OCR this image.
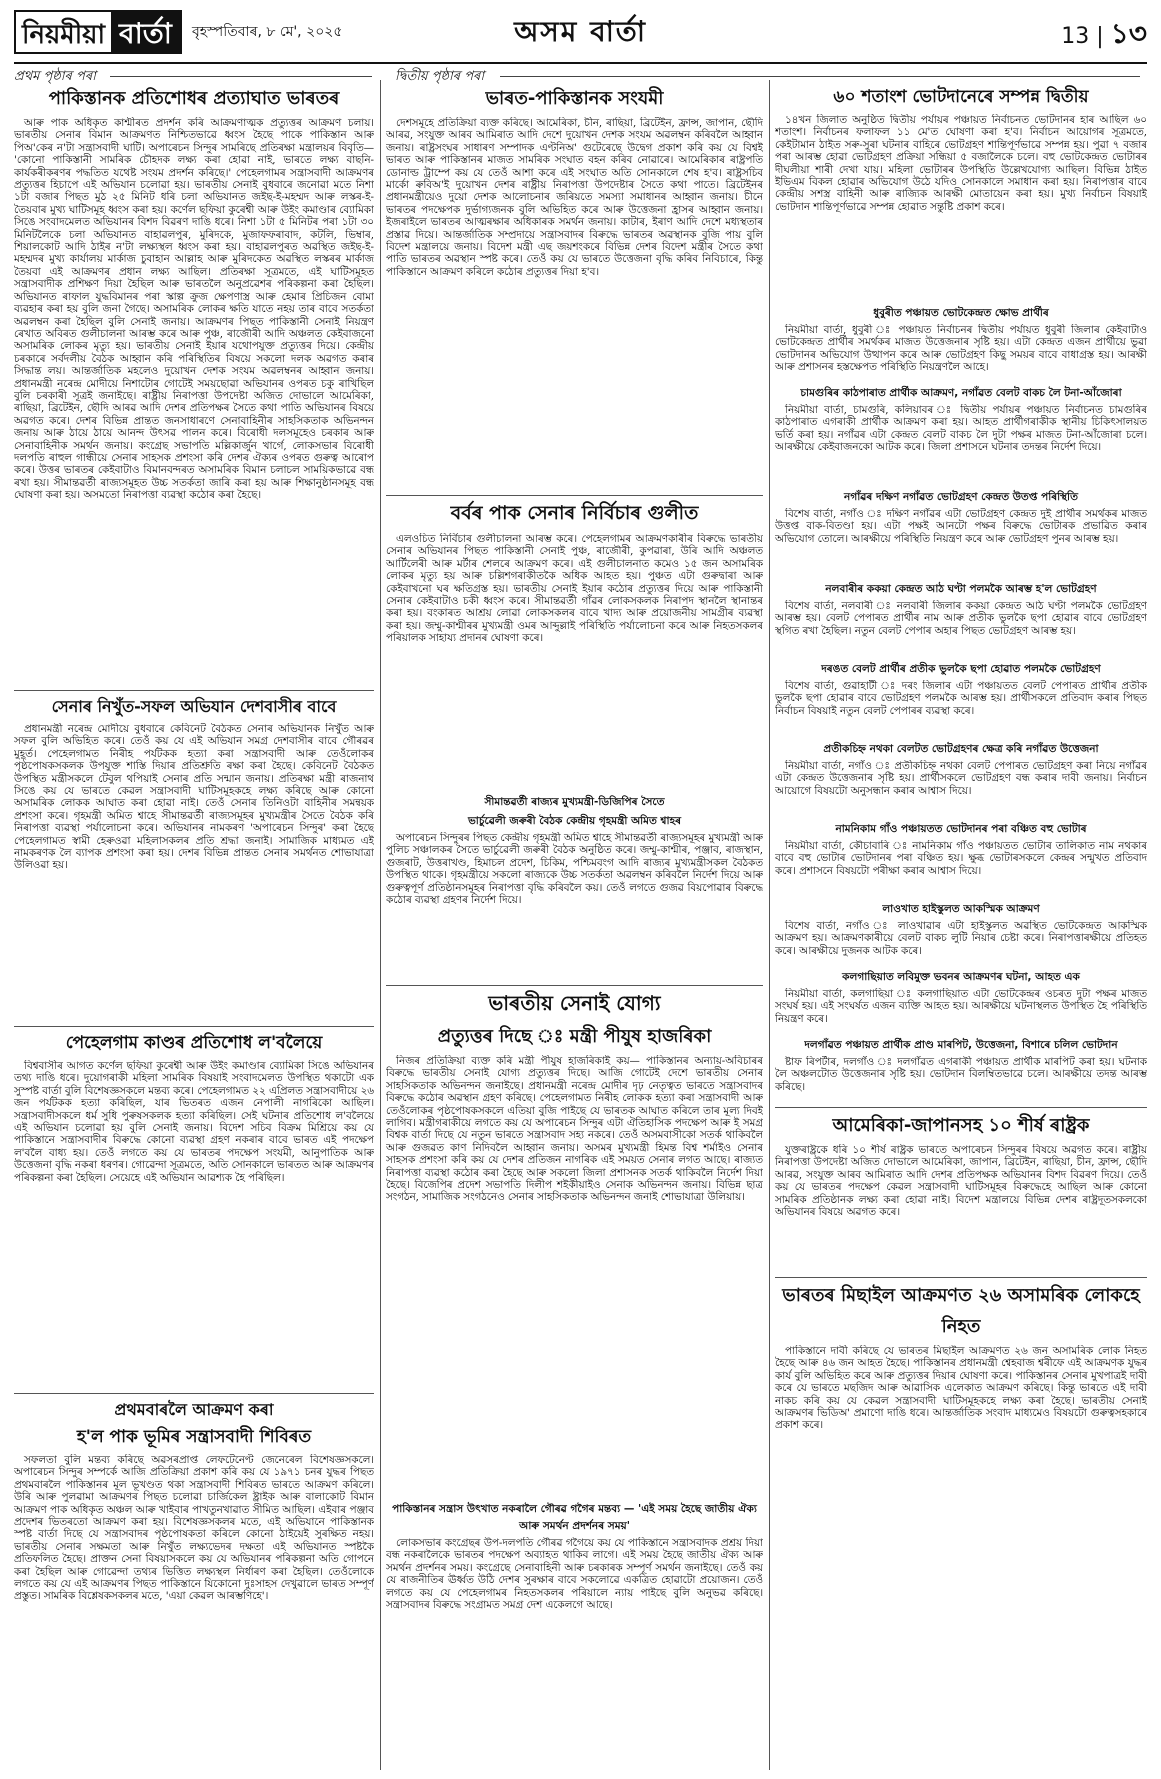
নিয়মীয়া বাৰ্তা	বৃহস্পতিবাৰ, ৮ মে', ২০২৫	অসম বাৰ্তা	13 | ১৩
প্ৰথম পৃষ্ঠাৰ পৰা	দ্বিতীয় পৃষ্ঠাৰ পৰা
পাকিস্তানক প্ৰতিশোধৰ প্ৰত্যাঘাত ভাৰতৰ

আৰু পাক অধিকৃত কাশ্মীৰত প্ৰদৰ্শন কৰি আক্ৰমণাত্মক প্ৰত্যুত্তৰ আক্ৰমণ চলায়। ভাৰতীয় সেনাৰ বিমান আক্ৰমণত নিশ্চিতভাৱে ধ্বংস হৈছে পাকে পাকিস্তান আৰু পিঅ'কেৰ ন'টা সন্ত্ৰাসবাদী ঘাটি। অপাৰেচন সিন্দুৰ সামৰিছে প্ৰতিৰক্ষা মন্ত্ৰালয়ৰ বিবৃতি— 'কোনো পাকিস্তানী সামৰিক চৌহদক লক্ষ্য কৰা হোৱা নাই, ভাৰতে লক্ষ্য বাছনি-কাৰ্যকৰীকৰণৰ পদ্ধতিত যথেষ্ট সংযম প্ৰদৰ্শন কৰিছে।' পেহেলগামৰ সন্ত্ৰাসবাদী আক্ৰমণৰ প্ৰত্যুত্তৰ হিচাপে এই অভিযান চলোৱা হয়। ভাৰতীয় সেনাই বুধবাৰে জনোৱা মতে নিশা ১টা বজাৰ পিছত মুঠ ২৫ মিনিট ধৰি চলা অভিযানত জইছ-ই-মহম্মদ আৰু লস্কৰ-ই-তৈয়বাৰ মুখ্য ঘাটিসমূহ ধ্বংস কৰা হয়। কৰ্ণেল ছফিয়া কুৰেশ্বী আৰু উইং কমাণ্ডাৰ ব্যোমিকা সিঙে সংবাদমেলত অভিযানৰ বিশদ বিৱৰণ দাঙি ধৰে। নিশা ১টা ৫ মিনিটৰ পৰা ১টা ৩০ মিনিটলৈকে চলা অভিযানত বাহাৱলপুৰ, মুৰিদকে, মুজাফফৰাবাদ, কটলি, ভিম্বাৰ, শিয়ালকোট আদি ঠাইৰ ন'টা লক্ষ্যস্থল ধ্বংস কৰা হয়। বাহাৱলপুৰত অৱস্থিত জইছ-ই-মহম্মদৰ মুখ্য কাৰ্যালয় মাৰ্কাজ চুবাহান আল্লাহ আৰু মুৰিদকেত অৱস্থিত লস্কৰৰ মাৰ্কাজ তৈয়বা এই আক্ৰমণৰ প্ৰধান লক্ষ্য আছিল। প্ৰতিৰক্ষা সূত্ৰমতে, এই ঘাটিসমূহত সন্ত্ৰাসবাদীক প্ৰশিক্ষণ দিয়া হৈছিল আৰু ভাৰতলৈ অনুপ্ৰৱেশৰ পৰিকল্পনা কৰা হৈছিল। অভিযানত ৰাফাল যুদ্ধবিমানৰ পৰা স্কাল্প ক্ৰুজ ক্ষেপণাস্ত্ৰ আৰু হেমাৰ প্ৰিচিজন বোমা ব্যৱহাৰ কৰা হয় বুলি জনা গৈছে। অসামৰিক লোকৰ ক্ষতি যাতে নহয় তাৰ বাবে সতৰ্কতা অৱলম্বন কৰা হৈছিল বুলি সেনাই জনায়। আক্ৰমণৰ পিছত পাকিস্তানী সেনাই নিয়ন্ত্ৰণ ৰেখাত অবিৰত গুলীচালনা আৰম্ভ কৰে আৰু পুঞ্চ, ৰাজৌৰী আদি অঞ্চলত কেইবাজনো অসামৰিক লোকৰ মৃত্যু হয়। ভাৰতীয় সেনাই ইয়াৰ যথোপযুক্ত প্ৰত্যুত্তৰ দিয়ে। কেন্দ্ৰীয় চৰকাৰে সৰ্বদলীয় বৈঠক আহ্বান কৰি পৰিস্থিতিৰ বিষয়ে সকলো দলক অৱগত কৰাৰ সিদ্ধান্ত লয়। আন্তৰ্জাতিক মহলেও দুয়োখন দেশক সংযম অৱলম্বনৰ আহ্বান জনায়। প্ৰধানমন্ত্ৰী নৰেন্দ্ৰ মোদীয়ে নিশাটোৰ গোটেই সময়ছোৱা অভিযানৰ ওপৰত চকু ৰাখিছিল বুলি চৰকাৰী সূত্ৰই জনাইছে। ৰাষ্ট্ৰীয় নিৰাপত্তা উপদেষ্টা অজিত দোভালে আমেৰিকা, ৰাছিয়া, ব্ৰিটেইন, ছৌদি আৰৱ আদি দেশৰ প্ৰতিপক্ষৰ সৈতে কথা পাতি অভিযানৰ বিষয়ে অৱগত কৰে। দেশৰ বিভিন্ন প্ৰান্তত জনসাধাৰণে সেনাবাহিনীৰ সাহসিকতাক অভিনন্দন জনায় আৰু ঠায়ে ঠায়ে আনন্দ উৎসৱ পালন কৰে। বিৰোধী দলসমূহেও চৰকাৰ আৰু সেনাবাহিনীক সমৰ্থন জনায়। কংগ্ৰেছ সভাপতি মল্লিকাৰ্জুন খাৰ্গে, লোকসভাৰ বিৰোধী দলপতি ৰাহুল গান্ধীয়ে সেনাৰ সাহসক প্ৰশংসা কৰি দেশৰ ঐক্যৰ ওপৰত গুৰুত্ব আৰোপ কৰে। উত্তৰ ভাৰতৰ কেইবাটাও বিমানবন্দৰত অসামৰিক বিমান চলাচল সাময়িকভাৱে বন্ধ ৰখা হয়। সীমান্তৱৰ্তী ৰাজ্যসমূহত উচ্চ সতৰ্কতা জাৰি কৰা হয় আৰু শিক্ষানুষ্ঠানসমূহ বন্ধ ঘোষণা কৰা হয়। অসমতো নিৰাপত্তা ব্যৱস্থা কঠোৰ কৰা হৈছে।

সেনাৰ নিখুঁত-সফল অভিযান দেশবাসীৰ বাবে

প্ৰধানমন্ত্ৰী নৰেন্দ্ৰ মোদীয়ে বুধবাৰে কেবিনেট বৈঠকত সেনাৰ অভিযানক নিখুঁত আৰু সফল বুলি অভিহিত কৰে। তেওঁ কয় যে এই অভিযান সমগ্ৰ দেশবাসীৰ বাবে গৌৰৱৰ মুহূৰ্ত। পেহেলগামত নিৰীহ পৰ্যটকক হত্যা কৰা সন্ত্ৰাসবাদী আৰু তেওঁলোকৰ পৃষ্ঠপোষকসকলক উপযুক্ত শাস্তি দিয়াৰ প্ৰতিশ্ৰুতি ৰক্ষা কৰা হৈছে। কেবিনেট বৈঠকত উপস্থিত মন্ত্ৰীসকলে টেবুল থপিয়াই সেনাৰ প্ৰতি সন্মান জনায়। প্ৰতিৰক্ষা মন্ত্ৰী ৰাজনাথ সিঙে কয় যে ভাৰতে কেৱল সন্ত্ৰাসবাদী ঘাটিসমূহকহে লক্ষ্য কৰিছে আৰু কোনো অসামৰিক লোকক আঘাত কৰা হোৱা নাই। তেওঁ সেনাৰ তিনিওটা বাহিনীৰ সমন্বয়ক প্ৰশংসা কৰে। গৃহমন্ত্ৰী অমিত শ্বাহে সীমান্তৱৰ্তী ৰাজ্যসমূহৰ মুখ্যমন্ত্ৰীৰ সৈতে বৈঠক কৰি নিৰাপত্তা ব্যৱস্থা পৰ্যালোচনা কৰে। অভিযানৰ নামকৰণ 'অপাৰেচন সিন্দুৰ' কৰা হৈছে পেহেলগামত স্বামী হেৰুওৱা মহিলাসকলৰ প্ৰতি শ্ৰদ্ধা জনাই। সামাজিক মাধ্যমত এই নামকৰণক লৈ ব্যাপক প্ৰশংসা কৰা হয়। দেশৰ বিভিন্ন প্ৰান্তত সেনাৰ সমৰ্থনত শোভাযাত্ৰা উলিওৱা হয়।

পেহেলগাম কাণ্ডৰ প্ৰতিশোধ ল'বলৈয়ে

বিশ্ববাসীৰ আগত কৰ্ণেল ছফিয়া কুৰেশ্বী আৰু উইং কমাণ্ডাৰ ব্যোমিকা সিঙে অভিযানৰ তথ্য দাঙি ধৰে। দুয়োগৰাকী মহিলা সামৰিক বিষয়াই সংবাদমেলত উপস্থিত থকাটো এক সুস্পষ্ট বাৰ্তা বুলি বিশেষজ্ঞসকলে মন্তব্য কৰে। পেহেলগামত ২২ এপ্ৰিলত সন্ত্ৰাসবাদীয়ে ২৬ জন পৰ্যটকক হত্যা কৰিছিল, যাৰ ভিতৰত এজন নেপালী নাগৰিকো আছিল। সন্ত্ৰাসবাদীসকলে ধৰ্ম সুধি পুৰুষসকলক হত্যা কৰিছিল। সেই ঘটনাৰ প্ৰতিশোধ ল'বলৈয়ে এই অভিযান চলোৱা হয় বুলি সেনাই জনায়। বিদেশ সচিব বিক্ৰম মিশ্ৰিয়ে কয় যে পাকিস্তানে সন্ত্ৰাসবাদীৰ বিৰুদ্ধে কোনো ব্যৱস্থা গ্ৰহণ নকৰাৰ বাবে ভাৰত এই পদক্ষেপ ল'বলৈ বাধ্য হয়। তেওঁ লগতে কয় যে ভাৰতৰ পদক্ষেপ সংযমী, আনুপাতিক আৰু উত্তেজনা বৃদ্ধি নকৰা ধৰণৰ। গোৱেন্দা সূত্ৰমতে, অতি সোনকালে ভাৰতত আৰু আক্ৰমণৰ পৰিকল্পনা কৰা হৈছিল। সেয়েহে এই অভিযান আৱশ্যক হৈ পৰিছিল।

প্ৰথমবাৰলৈ আক্ৰমণ কৰা
হ'ল পাক ভূমিৰ সন্ত্ৰাসবাদী শিবিৰত

সফলতা বুলি মন্তব্য কৰিছে অৱসৰপ্ৰাপ্ত লেফটেনেণ্ট জেনেৰেল বিশেষজ্ঞসকলে। অপাৰেচন সিন্দুৰ সম্পৰ্কে আজি প্ৰতিক্ৰিয়া প্ৰকাশ কৰি কয় যে ১৯৭১ চনৰ যুদ্ধৰ পিছত প্ৰথমবাৰলৈ পাকিস্তানৰ মূল ভূখণ্ডত থকা সন্ত্ৰাসবাদী শিবিৰত ভাৰতে আক্ৰমণ কৰিলে। উৰি আৰু পুলৱামা আক্ৰমণৰ পিছত চলোৱা চাৰ্জিকেল ষ্ট্ৰাইক আৰু বালাকোট বিমান আক্ৰমণ পাক অধিকৃত অঞ্চল আৰু খাইবাৰ পাখতুনখাৱাত সীমিত আছিল। এইবাৰ পঞ্জাব প্ৰদেশৰ ভিতৰতো আক্ৰমণ কৰা হয়। বিশেষজ্ঞসকলৰ মতে, এই অভিযানে পাকিস্তানক স্পষ্ট বাৰ্তা দিছে যে সন্ত্ৰাসবাদৰ পৃষ্ঠপোষকতা কৰিলে কোনো ঠাইয়েই সুৰক্ষিত নহয়। ভাৰতীয় সেনাৰ সক্ষমতা আৰু নিখুঁত লক্ষ্যভেদৰ দক্ষতা এই অভিযানত স্পষ্টকৈ প্ৰতিফলিত হৈছে। প্ৰাক্তন সেনা বিষয়াসকলে কয় যে অভিযানৰ পৰিকল্পনা অতি গোপনে কৰা হৈছিল আৰু গোৱেন্দা তথ্যৰ ভিত্তিত লক্ষ্যস্থল নিৰ্ধাৰণ কৰা হৈছিল। তেওঁলোকে লগতে কয় যে এই আক্ৰমণৰ পিছত পাকিস্তানে যিকোনো দুঃসাহস দেখুৱালে ভাৰত সম্পূৰ্ণ প্ৰস্তুত। সামৰিক বিশ্লেষকসকলৰ মতে, 'এয়া কেৱল আৰম্ভণিহে'।

ভাৰত-পাকিস্তানক সংযমী

দেশসমূহে প্ৰতিক্ৰিয়া ব্যক্ত কৰিছে। আমেৰিকা, চীন, ৰাছিয়া, ব্ৰিটেইন, ফ্ৰান্স, জাপান, ছৌদি আৰৱ, সংযুক্ত আৰব আমিৰাত আদি দেশে দুয়োখন দেশক সংযম অৱলম্বন কৰিবলৈ আহ্বান জনায়। ৰাষ্ট্ৰসংঘৰ সাধাৰণ সম্পাদক এণ্টনিঅ' গুটেৰেছে উদ্বেগ প্ৰকাশ কৰি কয় যে বিশ্বই ভাৰত আৰু পাকিস্তানৰ মাজত সামৰিক সংঘাত বহন কৰিব নোৱাৰে। আমেৰিকাৰ ৰাষ্ট্ৰপতি ডোনাল্ড ট্ৰাম্পে কয় যে তেওঁ আশা কৰে এই সংঘাত অতি সোনকালে শেষ হ'ব। ৰাষ্ট্ৰসচিব মাৰ্কো ৰুবিঅ'ই দুয়োখন দেশৰ ৰাষ্ট্ৰীয় নিৰাপত্তা উপদেষ্টাৰ সৈতে কথা পাতে। ব্ৰিটেইনৰ প্ৰধানমন্ত্ৰীয়েও দুয়ো দেশক আলোচনাৰ জৰিয়তে সমস্যা সমাধানৰ আহ্বান জনায়। চীনে ভাৰতৰ পদক্ষেপক দুৰ্ভাগ্যজনক বুলি অভিহিত কৰে আৰু উত্তেজনা হ্ৰাসৰ আহ্বান জনায়। ইজৰাইলে ভাৰতৰ আত্মৰক্ষাৰ অধিকাৰক সমৰ্থন জনায়। কাটাৰ, ইৰাণ আদি দেশে মধ্যস্থতাৰ প্ৰস্তাৱ দিয়ে। আন্তৰ্জাতিক সম্প্ৰদায়ে সন্ত্ৰাসবাদৰ বিৰুদ্ধে ভাৰতৰ অৱস্থানক বুজি পায় বুলি বিদেশ মন্ত্ৰালয়ে জনায়। বিদেশ মন্ত্ৰী এছ জয়শংকৰে বিভিন্ন দেশৰ বিদেশ মন্ত্ৰীৰ সৈতে কথা পাতি ভাৰতৰ অৱস্থান স্পষ্ট কৰে। তেওঁ কয় যে ভাৰতে উত্তেজনা বৃদ্ধি কৰিব নিবিচাৰে, কিন্তু পাকিস্তানে আক্ৰমণ কৰিলে কঠোৰ প্ৰত্যুত্তৰ দিয়া হ'ব।

বৰ্বৰ পাক সেনাৰ নিৰ্বিচাৰ গুলীত

এলওচিত নিৰ্বিচাৰ গুলীচালনা আৰম্ভ কৰে। পেহেলগামৰ আক্ৰমণকাৰীৰ বিৰুদ্ধে ভাৰতীয় সেনাৰ অভিযানৰ পিছত পাকিস্তানী সেনাই পুঞ্চ, ৰাজৌৰী, কুপৱাৰা, উৰি আদি অঞ্চলত আৰ্টিলেৰী আৰু মৰ্টাৰ শেলৰে আক্ৰমণ কৰে। এই গুলীচালনাত কমেও ১৫ জন অসামৰিক লোকৰ মৃত্যু হয় আৰু চল্লিশগৰাকীতকৈ অধিক আহত হয়। পুঞ্চত এটা গুৰুদ্বাৰা আৰু কেইবাখনো ঘৰ ক্ষতিগ্ৰস্ত হয়। ভাৰতীয় সেনাই ইয়াৰ কঠোৰ প্ৰত্যুত্তৰ দিয়ে আৰু পাকিস্তানী সেনাৰ কেইবাটাও চকী ধ্বংস কৰে। সীমান্তৱৰ্তী গাঁৱৰ লোকসকলক নিৰাপদ স্থানলৈ স্থানান্তৰ কৰা হয়। বংকাৰত আশ্ৰয় লোৱা লোকসকলৰ বাবে খাদ্য আৰু প্ৰয়োজনীয় সামগ্ৰীৰ ব্যৱস্থা কৰা হয়। জম্মু-কাশ্মীৰৰ মুখ্যমন্ত্ৰী ওমৰ আব্দুল্লাই পৰিস্থিতি পৰ্যালোচনা কৰে আৰু নিহতসকলৰ পৰিয়ালক সাহায্য প্ৰদানৰ ঘোষণা কৰে।

সীমান্তৱৰ্তী ৰাজ্যৰ মুখ্যমন্ত্ৰী-ডিজিপিৰ সৈতে
ভাৰ্চুৱেলী জৰুৰী বৈঠক কেন্দ্ৰীয় গৃহমন্ত্ৰী অমিত শ্বাহৰ

অপাৰেচন সিন্দুৰৰ পিছত কেন্দ্ৰীয় গৃহমন্ত্ৰী অমিত শ্বাহে সীমান্তৱৰ্তী ৰাজ্যসমূহৰ মুখ্যমন্ত্ৰী আৰু পুলিচ সঞ্চালকৰ সৈতে ভাৰ্চুৱেলী জৰুৰী বৈঠক অনুষ্ঠিত কৰে। জম্মু-কাশ্মীৰ, পঞ্জাব, ৰাজস্থান, গুজৰাট, উত্তৰাখণ্ড, হিমাচল প্ৰদেশ, চিকিম, পশ্চিমবংগ আদি ৰাজ্যৰ মুখ্যমন্ত্ৰীসকল বৈঠকত উপস্থিত থাকে। গৃহমন্ত্ৰীয়ে সকলো ৰাজ্যকে উচ্চ সতৰ্কতা অৱলম্বন কৰিবলৈ নিৰ্দেশ দিয়ে আৰু গুৰুত্বপূৰ্ণ প্ৰতিষ্ঠানসমূহৰ নিৰাপত্তা বৃদ্ধি কৰিবলৈ কয়। তেওঁ লগতে গুজৱ বিয়পোৱাৰ বিৰুদ্ধে কঠোৰ ব্যৱস্থা গ্ৰহণৰ নিৰ্দেশ দিয়ে।

ভাৰতীয় সেনাই যোগ্য
প্ৰত্যুত্তৰ দিছে ঃ মন্ত্ৰী পীযুষ হাজৰিকা

নিজৰ প্ৰতিক্ৰিয়া ব্যক্ত কৰি মন্ত্ৰী পীযুষ হাজৰিকাই কয়— পাকিস্তানৰ অন্যায়-অবিচাৰৰ বিৰুদ্ধে ভাৰতীয় সেনাই যোগ্য প্ৰত্যুত্তৰ দিছে। আজি গোটেই দেশে ভাৰতীয় সেনাৰ সাহসিকতাক অভিনন্দন জনাইছে। প্ৰধানমন্ত্ৰী নৰেন্দ্ৰ মোদীৰ দৃঢ় নেতৃত্বত ভাৰতে সন্ত্ৰাসবাদৰ বিৰুদ্ধে কঠোৰ অৱস্থান গ্ৰহণ কৰিছে। পেহেলগামত নিৰীহ লোকক হত্যা কৰা সন্ত্ৰাসবাদী আৰু তেওঁলোকৰ পৃষ্ঠপোষকসকলে এতিয়া বুজি পাইছে যে ভাৰতক আঘাত কৰিলে তাৰ মূল্য দিবই লাগিব। মন্ত্ৰীগৰাকীয়ে লগতে কয় যে অপাৰেচন সিন্দুৰ এটা ঐতিহাসিক পদক্ষেপ আৰু ই সমগ্ৰ বিশ্বক বাৰ্তা দিছে যে নতুন ভাৰতে সন্ত্ৰাসবাদ সহ্য নকৰে। তেওঁ অসমবাসীকো সতৰ্ক থাকিবলৈ আৰু গুজৱত কাণ নিদিবলৈ আহ্বান জনায়। অসমৰ মুখ্যমন্ত্ৰী হিমন্ত বিশ্ব শৰ্মাইও সেনাৰ সাহসক প্ৰশংসা কৰি কয় যে দেশৰ প্ৰতিজন নাগৰিক এই সময়ত সেনাৰ লগত আছে। ৰাজ্যত নিৰাপত্তা ব্যৱস্থা কঠোৰ কৰা হৈছে আৰু সকলো জিলা প্ৰশাসনক সতৰ্ক থাকিবলৈ নিৰ্দেশ দিয়া হৈছে। বিজেপিৰ প্ৰদেশ সভাপতি দিলীপ শইকীয়াইও সেনাক অভিনন্দন জনায়। বিভিন্ন ছাত্ৰ সংগঠন, সামাজিক সংগঠনেও সেনাৰ সাহসিকতাক অভিনন্দন জনাই শোভাযাত্ৰা উলিয়ায়।

পাকিস্তানৰ সন্ত্ৰাস উৎখাত নকৰালৈ গৌৰৱ গগৈৰ মন্তব্য — 'এই সময় হৈছে জাতীয় ঐক্য আৰু সমৰ্থন প্ৰদৰ্শনৰ সময়'

লোকসভাৰ কংগ্ৰেছৰ উপ-দলপতি গৌৰৱ গগৈয়ে কয় যে পাকিস্তানে সন্ত্ৰাসবাদক প্ৰশ্ৰয় দিয়া বন্ধ নকৰালৈকে ভাৰতৰ পদক্ষেপ অব্যাহত থাকিব লাগে। এই সময় হৈছে জাতীয় ঐক্য আৰু সমৰ্থন প্ৰদৰ্শনৰ সময়। কংগ্ৰেছে সেনাবাহিনী আৰু চৰকাৰক সম্পূৰ্ণ সমৰ্থন জনাইছে। তেওঁ কয় যে ৰাজনীতিৰ ঊৰ্ধ্বত উঠি দেশৰ সুৰক্ষাৰ বাবে সকলোৱে একত্ৰিত হোৱাটো প্ৰয়োজন। তেওঁ লগতে কয় যে পেহেলগামৰ নিহতসকলৰ পৰিয়ালে ন্যায় পাইছে বুলি অনুভৱ কৰিছে। সন্ত্ৰাসবাদৰ বিৰুদ্ধে সংগ্ৰামত সমগ্ৰ দেশ একেলগে আছে।

৬০ শতাংশ ভোটদানেৰে সম্পন্ন দ্বিতীয়

১৪খন জিলাত অনুষ্ঠিত দ্বিতীয় পৰ্যায়ৰ পঞ্চায়ত নিৰ্বাচনত ভোটদানৰ হাৰ আছিল ৬০ শতাংশ। নিৰ্বাচনৰ ফলাফল ১১ মে'ত ঘোষণা কৰা হ'ব। নিৰ্বাচন আয়োগৰ সূত্ৰমতে, কেইটামান ঠাইত সৰু-সুৰা ঘটনাৰ বাহিৰে ভোটগ্ৰহণ শান্তিপূৰ্ণভাৱে সম্পন্ন হয়। পুৱা ৭ বজাৰ পৰা আৰম্ভ হোৱা ভোটগ্ৰহণ প্ৰক্ৰিয়া সন্ধিয়া ৫ বজালৈকে চলে। বহু ভোটকেন্দ্ৰত ভোটাৰৰ দীঘলীয়া শাৰী দেখা যায়। মহিলা ভোটাৰৰ উপস্থিতি উল্লেখযোগ্য আছিল। বিভিন্ন ঠাইত ইভিএম বিকল হোৱাৰ অভিযোগ উঠে যদিও সোনকালে সমাধান কৰা হয়। নিৰাপত্তাৰ বাবে কেন্দ্ৰীয় সশস্ত্ৰ বাহিনী আৰু ৰাজ্যিক আৰক্ষী মোতায়েন কৰা হয়। মুখ্য নিৰ্বাচন বিষয়াই ভোটদান শান্তিপূৰ্ণভাৱে সম্পন্ন হোৱাত সন্তুষ্টি প্ৰকাশ কৰে।

ধুবুৰীত পঞ্চায়ত ভোটকেন্দ্ৰত ক্ষোভ প্ৰাৰ্থীৰ

নিয়মীয়া বাৰ্তা, ধুবুৰী ঃ পঞ্চায়ত নিৰ্বাচনৰ দ্বিতীয় পৰ্যায়ত ধুবুৰী জিলাৰ কেইবাটাও ভোটকেন্দ্ৰত প্ৰাৰ্থীৰ সমৰ্থকৰ মাজত উত্তেজনাৰ সৃষ্টি হয়। এটা কেন্দ্ৰত এজন প্ৰাৰ্থীয়ে ভুৱা ভোটদানৰ অভিযোগ উত্থাপন কৰে আৰু ভোটগ্ৰহণ কিছু সময়ৰ বাবে বাধাগ্ৰস্ত হয়। আৰক্ষী আৰু প্ৰশাসনৰ হস্তক্ষেপত পৰিস্থিতি নিয়ন্ত্ৰণলৈ আহে।

চামগুৰিৰ কাঠপাৰাত প্ৰাৰ্থীক আক্ৰমণ, নগাঁৱত বেলট বাকচ লৈ টনা-আঁজোৰা

নিয়মীয়া বাৰ্তা, চামগুৰি, কলিয়াবৰ ঃ দ্বিতীয় পৰ্যায়ৰ পঞ্চায়ত নিৰ্বাচনত চামগুৰিৰ কাঠপাৰাত এগৰাকী প্ৰাৰ্থীক আক্ৰমণ কৰা হয়। আহত প্ৰাৰ্থীগৰাকীক স্থানীয় চিকিৎসালয়ত ভৰ্তি কৰা হয়। নগাঁৱৰ এটা কেন্দ্ৰত বেলট বাকচ লৈ দুটা পক্ষৰ মাজত টনা-আঁজোৰা চলে। আৰক্ষীয়ে কেইবাজনকো আটক কৰে। জিলা প্ৰশাসনে ঘটনাৰ তদন্তৰ নিৰ্দেশ দিয়ে।

নগাঁৱৰ দক্ষিণ নগাঁৱত ভোটগ্ৰহণ কেন্দ্ৰত উতপ্ত পৰিস্থিতি

বিশেষ বাৰ্তা, নগাঁও ঃ দক্ষিণ নগাঁৱৰ এটা ভোটগ্ৰহণ কেন্দ্ৰত দুই প্ৰাৰ্থীৰ সমৰ্থকৰ মাজত উত্তপ্ত বাক-বিতণ্ডা হয়। এটা পক্ষই আনটো পক্ষৰ বিৰুদ্ধে ভোটাৰক প্ৰভাৱিত কৰাৰ অভিযোগ তোলে। আৰক্ষীয়ে পৰিস্থিতি নিয়ন্ত্ৰণ কৰে আৰু ভোটগ্ৰহণ পুনৰ আৰম্ভ হয়।

নলবাৰীৰ ককয়া কেন্দ্ৰত আঠ ঘণ্টা পলমকৈ আৰম্ভ হ'ল ভোটগ্ৰহণ

বিশেষ বাৰ্তা, নলবাৰী ঃ নলবাৰী জিলাৰ ককয়া কেন্দ্ৰত আঠ ঘণ্টা পলমকৈ ভোটগ্ৰহণ আৰম্ভ হয়। বেলট পেপাৰত প্ৰাৰ্থীৰ নাম আৰু প্ৰতীক ভুলকৈ ছপা হোৱাৰ বাবে ভোটগ্ৰহণ স্থগিত ৰখা হৈছিল। নতুন বেলট পেপাৰ অহাৰ পিছত ভোটগ্ৰহণ আৰম্ভ হয়।

দৰঙত বেলট প্ৰাৰ্থীৰ প্ৰতীক ভুলকৈ ছপা হোৱাত পলমকৈ ভোটগ্ৰহণ

বিশেষ বাৰ্তা, গুৱাহাটী ঃ দৰং জিলাৰ এটা পঞ্চায়তত বেলট পেপাৰত প্ৰাৰ্থীৰ প্ৰতীক ভুলকৈ ছপা হোৱাৰ বাবে ভোটগ্ৰহণ পলমকৈ আৰম্ভ হয়। প্ৰাৰ্থীসকলে প্ৰতিবাদ কৰাৰ পিছত নিৰ্বাচন বিষয়াই নতুন বেলট পেপাৰৰ ব্যৱস্থা কৰে।

প্ৰতীকচিহ্ন নথকা বেলটত ভোটগ্ৰহণৰ ক্ষেত্ৰ কৰি নগাঁৱত উত্তেজনা

নিয়মীয়া বাৰ্তা, নগাঁও ঃ প্ৰতীকচিহ্ন নথকা বেলট পেপাৰত ভোটগ্ৰহণ কৰা নিয়ে নগাঁৱৰ এটা কেন্দ্ৰত উত্তেজনাৰ সৃষ্টি হয়। প্ৰাৰ্থীসকলে ভোটগ্ৰহণ বন্ধ কৰাৰ দাবী জনায়। নিৰ্বাচন আয়োগে বিষয়টো অনুসন্ধান কৰাৰ আশ্বাস দিয়ে।

নামনিকাম গাঁও পঞ্চায়তত ভোটদানৰ পৰা বঞ্চিত বহু ভোটাৰ

নিয়মীয়া বাৰ্তা, কৌচাবাৰি ঃ নামনিকাম গাঁও পঞ্চায়তত ভোটাৰ তালিকাত নাম নথকাৰ বাবে বহু ভোটাৰ ভোটদানৰ পৰা বঞ্চিত হয়। ক্ষুব্ধ ভোটাৰসকলে কেন্দ্ৰৰ সন্মুখত প্ৰতিবাদ কৰে। প্ৰশাসনে বিষয়টো পৰীক্ষা কৰাৰ আশ্বাস দিয়ে।

লাওখাত হাইস্কুলত আকস্মিক আক্ৰমণ

বিশেষ বাৰ্তা, নগাঁও ঃ লাওখাৱাৰ এটা হাইস্কুলত অৱস্থিত ভোটকেন্দ্ৰত আকস্মিক আক্ৰমণ হয়। আক্ৰমণকাৰীয়ে বেলট বাকচ লুটি নিয়াৰ চেষ্টা কৰে। নিৰাপত্তাৰক্ষীয়ে প্ৰতিহত কৰে। আৰক্ষীয়ে দুজনক আটক কৰে।

কলগাছিয়াত লবিমুক্ত ভবনৰ আক্ৰমণৰ ঘটনা, আহত এক

নিয়মীয়া বাৰ্তা, কলগাছিয়া ঃ কলগাছিয়াত এটা ভোটকেন্দ্ৰৰ ওচৰত দুটা পক্ষৰ মাজত সংঘৰ্ষ হয়। এই সংঘৰ্ষত এজন ব্যক্তি আহত হয়। আৰক্ষীয়ে ঘটনাস্থলত উপস্থিত হৈ পৰিস্থিতি নিয়ন্ত্ৰণ কৰে।

দলগাঁৱত পঞ্চায়ত প্ৰাৰ্থীক প্ৰাণ্ড মাৰপিট, উত্তেজনা, বিশাৰে চলিল ভোটদান

ষ্টাফ ৰিপৰ্টাৰ, দলগাঁও ঃ দলগাঁৱত এগৰাকী পঞ্চায়ত প্ৰাৰ্থীক মাৰপিট কৰা হয়। ঘটনাক লৈ অঞ্চলটোত উত্তেজনাৰ সৃষ্টি হয়। ভোটদান বিলম্বিতভাৱে চলে। আৰক্ষীয়ে তদন্ত আৰম্ভ কৰিছে।

আমেৰিকা-জাপানসহ ১০ শীৰ্ষ ৰাষ্ট্ৰক

যুক্তৰাষ্ট্ৰকে ধৰি ১০ শীৰ্ষ ৰাষ্ট্ৰক ভাৰতে অপাৰেচন সিন্দুৰৰ বিষয়ে অৱগত কৰে। ৰাষ্ট্ৰীয় নিৰাপত্তা উপদেষ্টা অজিত দোভালে আমেৰিকা, জাপান, ব্ৰিটেইন, ৰাছিয়া, চীন, ফ্ৰান্স, ছৌদি আৰৱ, সংযুক্ত আৰব আমিৰাত আদি দেশৰ প্ৰতিপক্ষক অভিযানৰ বিশদ বিৱৰণ দিয়ে। তেওঁ কয় যে ভাৰতৰ পদক্ষেপ কেৱল সন্ত্ৰাসবাদী ঘাটিসমূহৰ বিৰুদ্ধেহে আছিল আৰু কোনো সামৰিক প্ৰতিষ্ঠানক লক্ষ্য কৰা হোৱা নাই। বিদেশ মন্ত্ৰালয়ে বিভিন্ন দেশৰ ৰাষ্ট্ৰদূতসকলকো অভিযানৰ বিষয়ে অৱগত কৰে।

ভাৰতৰ মিছাইল আক্ৰমণত ২৬ অসামৰিক লোকহে নিহত

পাকিস্তানে দাবী কৰিছে যে ভাৰতৰ মিছাইল আক্ৰমণত ২৬ জন অসামৰিক লোক নিহত হৈছে আৰু ৪৬ জন আহত হৈছে। পাকিস্তানৰ প্ৰধানমন্ত্ৰী শ্বেহবাজ শ্বৰীফে এই আক্ৰমণক যুদ্ধৰ কাৰ্য বুলি অভিহিত কৰে আৰু প্ৰত্যুত্তৰ দিয়াৰ ঘোষণা কৰে। পাকিস্তানৰ সেনাৰ মুখপাত্ৰই দাবী কৰে যে ভাৰতে মছজিদ আৰু আৱাসিক এলেকাত আক্ৰমণ কৰিছে। কিন্তু ভাৰতে এই দাবী নাকচ কৰি কয় যে কেৱল সন্ত্ৰাসবাদী ঘাটিসমূহকহে লক্ষ্য কৰা হৈছে। ভাৰতীয় সেনাই আক্ৰমণৰ ভিডিঅ' প্ৰমাণো দাঙি ধৰে। আন্তৰ্জাতিক সংবাদ মাধ্যমেও বিষয়টো গুৰুত্বসহকাৰে প্ৰকাশ কৰে।
